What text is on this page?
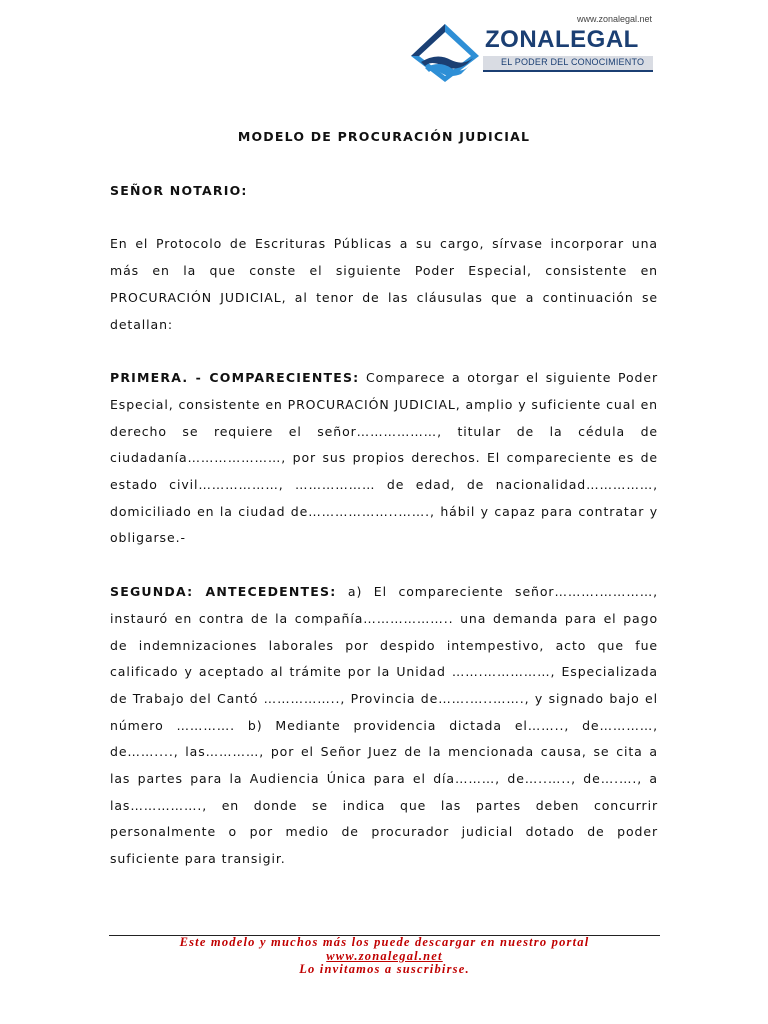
www.zonalegal.net
ZONALEGAL
EL PODER DEL CONOCIMIENTO

MODELO DE PROCURACIÓN JUDICIAL

SEÑOR NOTARIO:

En el Protocolo de Escrituras Públicas a su cargo, sírvase incorporar una más en la que conste el siguiente Poder Especial, consistente en PROCURACIÓN JUDICIAL, al tenor de las cláusulas que a continuación se detallan:

PRIMERA. - COMPARECIENTES: Comparece a otorgar el siguiente Poder Especial, consistente en PROCURACIÓN JUDICIAL, amplio y suficiente cual en derecho se requiere el señor………………, titular de la cédula de ciudadanía…………………, por sus propios derechos. El compareciente es de estado civil………………, ……………… de edad, de nacionalidad……………, domiciliado en la ciudad de………………..……., hábil y capaz para contratar y obligarse.-

SEGUNDA: ANTECEDENTES: a) El compareciente señor……….…………, instauró en contra de la compañía……………….. una demanda para el pago de indemnizaciones laborales por despido intempestivo, acto que fue calificado y aceptado al trámite por la Unidad …….……………, Especializada de Trabajo del Cantó …………….., Provincia de…….…..……., y signado bajo el número …………. b) Mediante providencia dictada el…….., de…………, de……...., las…………, por el Señor Juez de la mencionada causa, se cita a las partes para la Audiencia Única para el día………, de…..….., de….…., a las……………., en donde se indica que las partes deben concurrir personalmente o por medio de procurador judicial dotado de poder suficiente para transigir.

Este modelo y muchos más los puede descargar en nuestro portal
www.zonalegal.net
Lo invitamos a suscribirse.
